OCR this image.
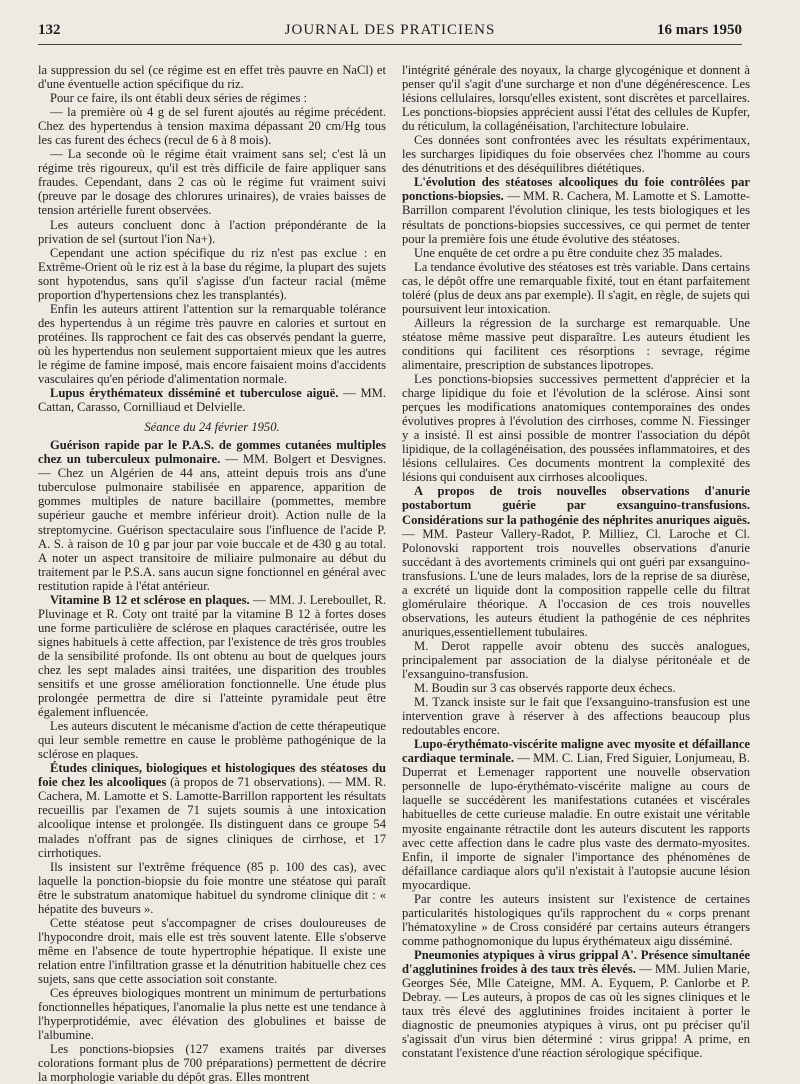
132	JOURNAL DES PRATICIENS	16 mars 1950

la suppression du sel (ce régime est en effet très pauvre en NaCl) et d'une éventuelle action spécifique du riz.

Pour ce faire, ils ont établi deux séries de régimes :

— la première où 4 g de sel furent ajoutés au régime précédent. Chez des hypertendus à tension maxima dépassant 20 cm/Hg tous les cas furent des échecs (recul de 6 à 8 mois).

— La seconde où le régime était vraiment sans sel; c'est là un régime très rigoureux, qu'il est très difficile de faire appliquer sans fraudes. Cependant, dans 2 cas où le régime fut vraiment suivi (preuve par le dosage des chlorures urinaires), de vraies baisses de tension artérielle furent observées.

Les auteurs concluent donc à l'action prépondérante de la privation de sel (surtout l'ion Na+).

Cependant une action spécifique du riz n'est pas exclue : en Extrême-Orient où le riz est à la base du régime, la plupart des sujets sont hypotendus, sans qu'il s'agisse d'un facteur racial (même proportion d'hypertensions chez les transplantés).

Enfin les auteurs attirent l'attention sur la remarquable tolérance des hypertendus à un régime très pauvre en calories et surtout en protéines. Ils rapprochent ce fait des cas observés pendant la guerre, où les hypertendus non seulement supportaient mieux que les autres le régime de famine imposé, mais encore faisaient moins d'accidents vasculaires qu'en période d'alimentation normale.

Lupus érythémateux disséminé et tuberculose aiguë. — MM. Cattan, Carasso, Cornilliaud et Delvielle.

Séance du 24 février 1950.

Guérison rapide par le P.A.S. de gommes cutanées multiples chez un tuberculeux pulmonaire. — MM. Bolgert et Desvignes. — Chez un Algérien de 44 ans, atteint depuis trois ans d'une tuberculose pulmonaire stabilisée en apparence, apparition de gommes multiples de nature bacillaire (pommettes, membre supérieur gauche et membre inférieur droit). Action nulle de la streptomycine. Guérison spectaculaire sous l'influence de l'acide P. A. S. à raison de 10 g par jour par voie buccale et de 430 g au total. A noter un aspect transitoire de miliaire pulmonaire au début du traitement par le P.S.A. sans aucun signe fonctionnel en général avec restitution rapide à l'état antérieur.

Vitamine B 12 et sclérose en plaques. — MM. J. Lereboullet, R. Pluvinage et R. Coty ont traité par la vitamine B 12 à fortes doses une forme particulière de sclérose en plaques caractérisée, outre les signes habituels à cette affection, par l'existence de très gros troubles de la sensibilité profonde. Ils ont obtenu au bout de quelques jours chez les sept malades ainsi traitées, une disparition des troubles sensitifs et une grosse amélioration fonctionnelle. Une étude plus prolongée permettra de dire si l'atteinte pyramidale peut être également influencée.

Les auteurs discutent le mécanisme d'action de cette thérapeutique qui leur semble remettre en cause le problème pathogénique de la sclérose en plaques.

Études cliniques, biologiques et histologiques des stéatoses du foie chez les alcooliques (à propos de 71 observations). — MM. R. Cachera, M. Lamotte et S. Lamotte-Barrillon rapportent les résultats recueillis par l'examen de 71 sujets soumis à une intoxication alcoolique intense et prolongée. Ils distinguent dans ce groupe 54 malades n'offrant pas de signes cliniques de cirrhose, et 17 cirrhotiques.

Ils insistent sur l'extrême fréquence (85 p. 100 des cas), avec laquelle la ponction-biopsie du foie montre une stéatose qui paraît être le substratum anatomique habituel du syndrome clinique dit : « hépatite des buveurs ».

Cette stéatose peut s'accompagner de crises douloureuses de l'hypocondre droit, mais elle est très souvent latente. Elle s'observe même en l'absence de toute hypertrophie hépatique. Il existe une relation entre l'infiltration grasse et la dénutrition habituelle chez ces sujets, sans que cette association soit constante.

Ces épreuves biologiques montrent un minimum de perturbations fonctionnelles hépatiques, l'anomalie la plus nette est une tendance à l'hyperprotidémie, avec élévation des globulines et baisse de l'albumine.

Les ponctions-biopsies (127 examens traités par diverses colorations formant plus de 700 préparations) permettent de décrire la morphologie variable du dépôt gras. Elles montrent

l'intégrité générale des noyaux, la charge glycogénique et donnent à penser qu'il s'agit d'une surcharge et non d'une dégénérescence. Les lésions cellulaires, lorsqu'elles existent, sont discrètes et parcellaires. Les ponctions-biopsies apprécient aussi l'état des cellules de Kupfer, du réticulum, la collagénéisation, l'architecture lobulaire.

Ces données sont confrontées avec les résultats expérimentaux, les surcharges lipidiques du foie observées chez l'homme au cours des dénutritions et des déséquilibres diététiques.

L'évolution des stéatoses alcooliques du foie contrôlées par ponctions-biopsies. — MM. R. Cachera, M. Lamotte et S. Lamotte-Barrillon comparent l'évolution clinique, les tests biologiques et les résultats de ponctions-biopsies successives, ce qui permet de tenter pour la première fois une étude évolutive des stéatoses.

Une enquête de cet ordre a pu être conduite chez 35 malades.

La tendance évolutive des stéatoses est très variable. Dans certains cas, le dépôt offre une remarquable fixité, tout en étant parfaitement toléré (plus de deux ans par exemple). Il s'agit, en règle, de sujets qui poursuivent leur intoxication.

Ailleurs la régression de la surcharge est remarquable. Une stéatose même massive peut disparaître. Les auteurs étudient les conditions qui facilitent ces résorptions : sevrage, régime alimentaire, prescription de substances lipotropes.

Les ponctions-biopsies successives permettent d'apprécier et la charge lipidique du foie et l'évolution de la sclérose. Ainsi sont perçues les modifications anatomiques contemporaines des ondes évolutives propres à l'évolution des cirrhoses, comme N. Fiessinger y a insisté. Il est ainsi possible de montrer l'association du dépôt lipidique, de la collagénéisation, des poussées inflammatoires, et des lésions cellulaires. Ces documents montrent la complexité des lésions qui conduisent aux cirrhoses alcooliques.

A propos de trois nouvelles observations d'anurie postabortum guérie par exsanguino-transfusions. Considérations sur la pathogénie des néphrites anuriques aiguës. — MM. Pasteur Vallery-Radot, P. Milliez, Cl. Laroche et Cl. Polonovski rapportent trois nouvelles observations d'anurie succédant à des avortements criminels qui ont guéri par exsanguino-transfusions. L'une de leurs malades, lors de la reprise de sa diurèse, a excrété un liquide dont la composition rappelle celle du filtrat glomérulaire théorique. A l'occasion de ces trois nouvelles observations, les auteurs étudient la pathogénie de ces néphrites anuriques,essentiellement tubulaires.

M. Derot rappelle avoir obtenu des succès analogues, principalement par association de la dialyse péritonéale et de l'exsanguino-transfusion.

M. Boudin sur 3 cas observés rapporte deux échecs.

M. Tzanck insiste sur le fait que l'exsanguino-transfusion est une intervention grave à réserver à des affections beaucoup plus redoutables encore.

Lupo-érythémato-viscérite maligne avec myosite et défaillance cardiaque terminale. — MM. C. Lian, Fred Siguier, Lonjumeau, B. Duperrat et Lemenager rapportent une nouvelle observation personnelle de lupo-érythémato-viscérite maligne au cours de laquelle se succédèrent les manifestations cutanées et viscérales habituelles de cette curieuse maladie. En outre existait une véritable myosite engainante rétractile dont les auteurs discutent les rapports avec cette affection dans le cadre plus vaste des dermato-myosites. Enfin, il importe de signaler l'importance des phénomènes de défaillance cardiaque alors qu'il n'existait à l'autopsie aucune lésion myocardique.

Par contre les auteurs insistent sur l'existence de certaines particularités histologiques qu'ils rapprochent du « corps prenant l'hématoxyline » de Cross considéré par certains auteurs étrangers comme pathognomonique du lupus érythémateux aigu disséminé.

Pneumonies atypiques à virus grippal A'. Présence simultanée d'agglutinines froides à des taux très élevés. — MM. Julien Marie, Georges Sée, Mlle Cateigne, MM. A. Eyquem, P. Canlorbe et P. Debray. — Les auteurs, à propos de cas où les signes cliniques et le taux très élevé des agglutinines froides incitaient à porter le diagnostic de pneumonies atypiques à virus, ont pu préciser qu'il s'agissait d'un virus bien déterminé : virus grippa! A prime, en constatant l'existence d'une réaction sérologique spécifique.
